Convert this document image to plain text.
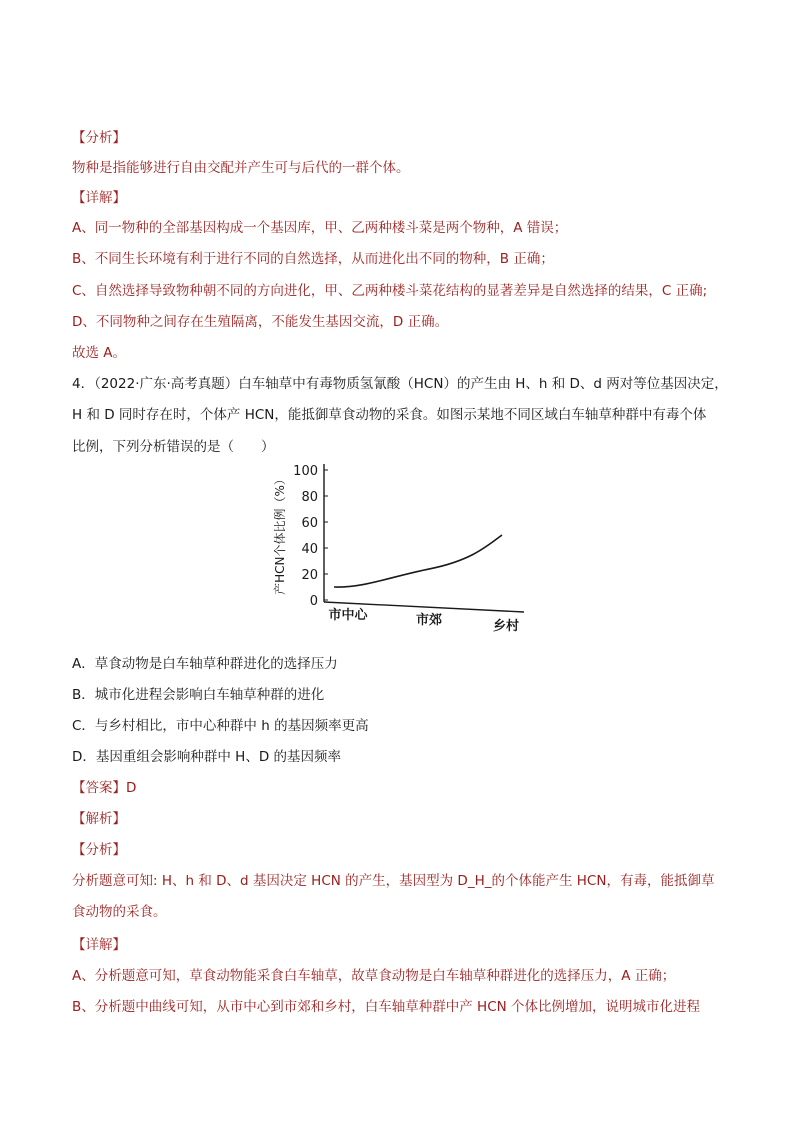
【分析】
物种是指能够进行自由交配并产生可与后代的一群个体。
【详解】
A、同一物种的全部基因构成一个基因库，甲、乙两种楼斗菜是两个物种，A 错误；
B、不同生长环境有利于进行不同的自然选择，从而进化出不同的物种，B 正确；
C、自然选择导致物种朝不同的方向进化，甲、乙两种楼斗菜花结构的显著差异是自然选择的结果，C 正确;
D、不同物种之间存在生殖隔离，不能发生基因交流，D 正确。
故选 A。
4．（2022·广东·高考真题）白车轴草中有毒物质氢氰酸（HCN）的产生由 H、h 和 D、d 两对等位基因决定，
H 和 D 同时存在时，个体产 HCN，能抵御草食动物的采食。如图示某地不同区域白车轴草种群中有毒个体
比例，下列分析错误的是（　　）
产HCN个体比例（%）
100
80
60
40
20
0
市中心	市郊	乡村
A．草食动物是白车轴草种群进化的选择压力
B．城市化进程会影响白车轴草种群的进化
C．与乡村相比，市中心种群中 h 的基因频率更高
D．基因重组会影响种群中 H、D 的基因频率
【答案】D
【解析】
【分析】
分析题意可知: H、h 和 D、d 基因决定 HCN 的产生，基因型为 D_H_的个体能产生 HCN，有毒，能抵御草
食动物的采食。
【详解】
A、分析题意可知，草食动物能采食白车轴草，故草食动物是白车轴草种群进化的选择压力，A 正确；
B、分析题中曲线可知，从市中心到市郊和乡村，白车轴草种群中产 HCN 个体比例增加，说明城市化进程
